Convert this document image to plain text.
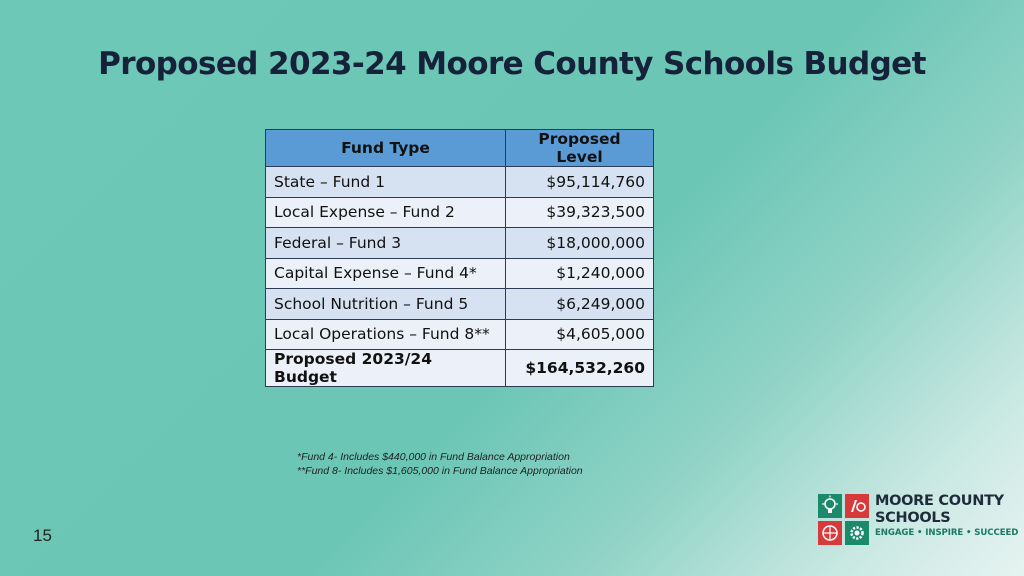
Proposed 2023-24 Moore County Schools Budget
Fund Type	Proposed Level
State – Fund 1	$95,114,760
Local Expense – Fund 2	$39,323,500
Federal – Fund 3	$18,000,000
Capital Expense – Fund 4*	$1,240,000
School Nutrition – Fund 5	$6,249,000
Local Operations – Fund 8**	$4,605,000
Proposed 2023/24 Budget	$164,532,260
*Fund 4- Includes $440,000 in Fund Balance Appropriation
**Fund 8- Includes $1,605,000 in Fund Balance Appropriation
15
MOORE COUNTY
SCHOOLS
ENGAGE • INSPIRE • SUCCEED
